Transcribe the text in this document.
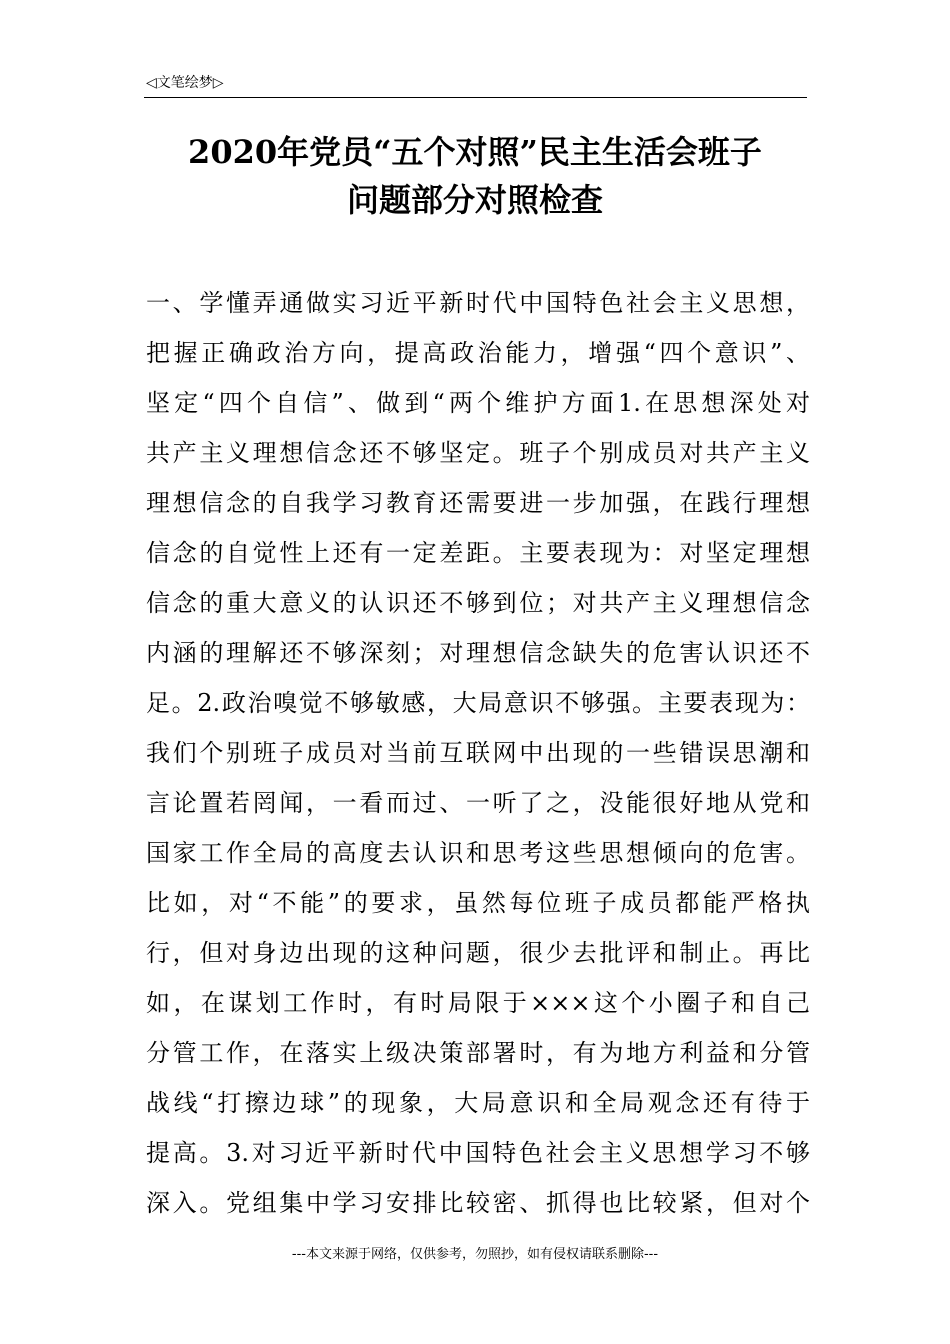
◁文笔绘梦▷
2020年党员“五个对照”民主生活会班子
问题部分对照检查
一、学懂弄通做实习近平新时代中国特色社会主义思想，
把握正确政治方向，提高政治能力，增强“四个意识”、
坚定“四个自信”、做到“两个维护方面1.在思想深处对
共产主义理想信念还不够坚定。班子个别成员对共产主义
理想信念的自我学习教育还需要进一步加强，在践行理想
信念的自觉性上还有一定差距。主要表现为：对坚定理想
信念的重大意义的认识还不够到位；对共产主义理想信念
内涵的理解还不够深刻；对理想信念缺失的危害认识还不
足。2.政治嗅觉不够敏感，大局意识不够强。主要表现为：
我们个别班子成员对当前互联网中出现的一些错误思潮和
言论置若罔闻，一看而过、一听了之，没能很好地从党和
国家工作全局的高度去认识和思考这些思想倾向的危害。
比如，对“不能”的要求，虽然每位班子成员都能严格执
行，但对身边出现的这种问题，很少去批评和制止。再比
如，在谋划工作时，有时局限于×××这个小圈子和自己
分管工作，在落实上级决策部署时，有为地方利益和分管
战线“打擦边球”的现象，大局意识和全局观念还有待于
提高。3.对习近平新时代中国特色社会主义思想学习不够
深入。党组集中学习安排比较密、抓得也比较紧，但对个
---本文来源于网络，仅供参考，勿照抄，如有侵权请联系删除---
